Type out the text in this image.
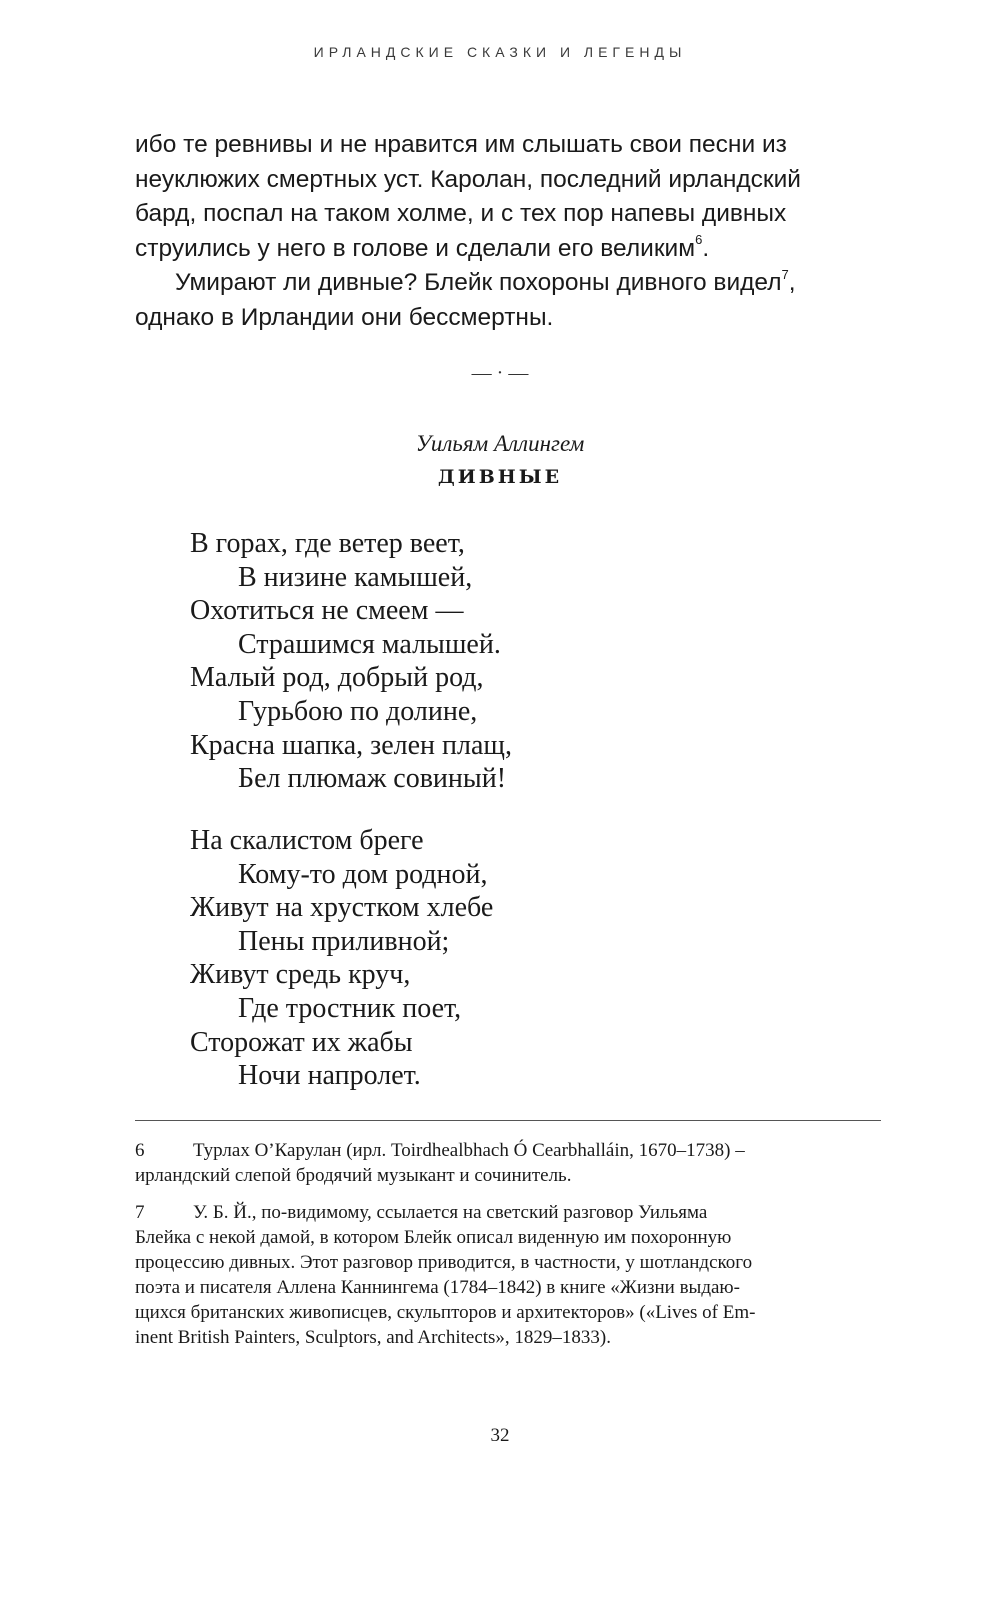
ИРЛАНДСКИЕ СКАЗКИ И ЛЕГЕНДЫ

ибо те ревнивы и не нравится им слышать свои песни из
неуклюжих смертных уст. Каролан, последний ирландский
бард, поспал на таком холме, и с тех пор напевы дивных
струились у него в голове и сделали его великим$^6$.

Умирают ли дивные? Блейк похороны дивного видел$^7$,
однако в Ирландии они бессмертны.

— · —
Уильям Аллингем
ДИВНЫЕ
В горах, где ветер веет,
В низине камышей,
Охотиться не смеем —
Страшимся малышей.
Малый род, добрый род,
Гурьбою по долине,
Красна шапка, зелен плащ,
Бел плюмаж совиный!
На скалистом бреге
Кому-то дом родной,
Живут на хрустком хлебе
Пены приливной;
Живут средь круч,
Где тростник поет,
Сторожат их жабы
Ночи напролет.
6	Турлах О’Карулан (ирл. Toirdhealbhach Ó Cearbhalláin, 1670–1738) –
ирландский слепой бродячий музыкант и сочинитель.
7	У. Б. Й., по-видимому, ссылается на светский разговор Уильяма
Блейка с некой дамой, в котором Блейк описал виденную им похоронную
процессию дивных. Этот разговор приводится, в частности, у шотландского
поэта и писателя Аллена Каннингема (1784–1842) в книге «Жизни выдаю-
щихся британских живописцев, скульпторов и архитекторов» («Lives of Em-
inent British Painters, Sculptors, and Architects», 1829–1833).
32
